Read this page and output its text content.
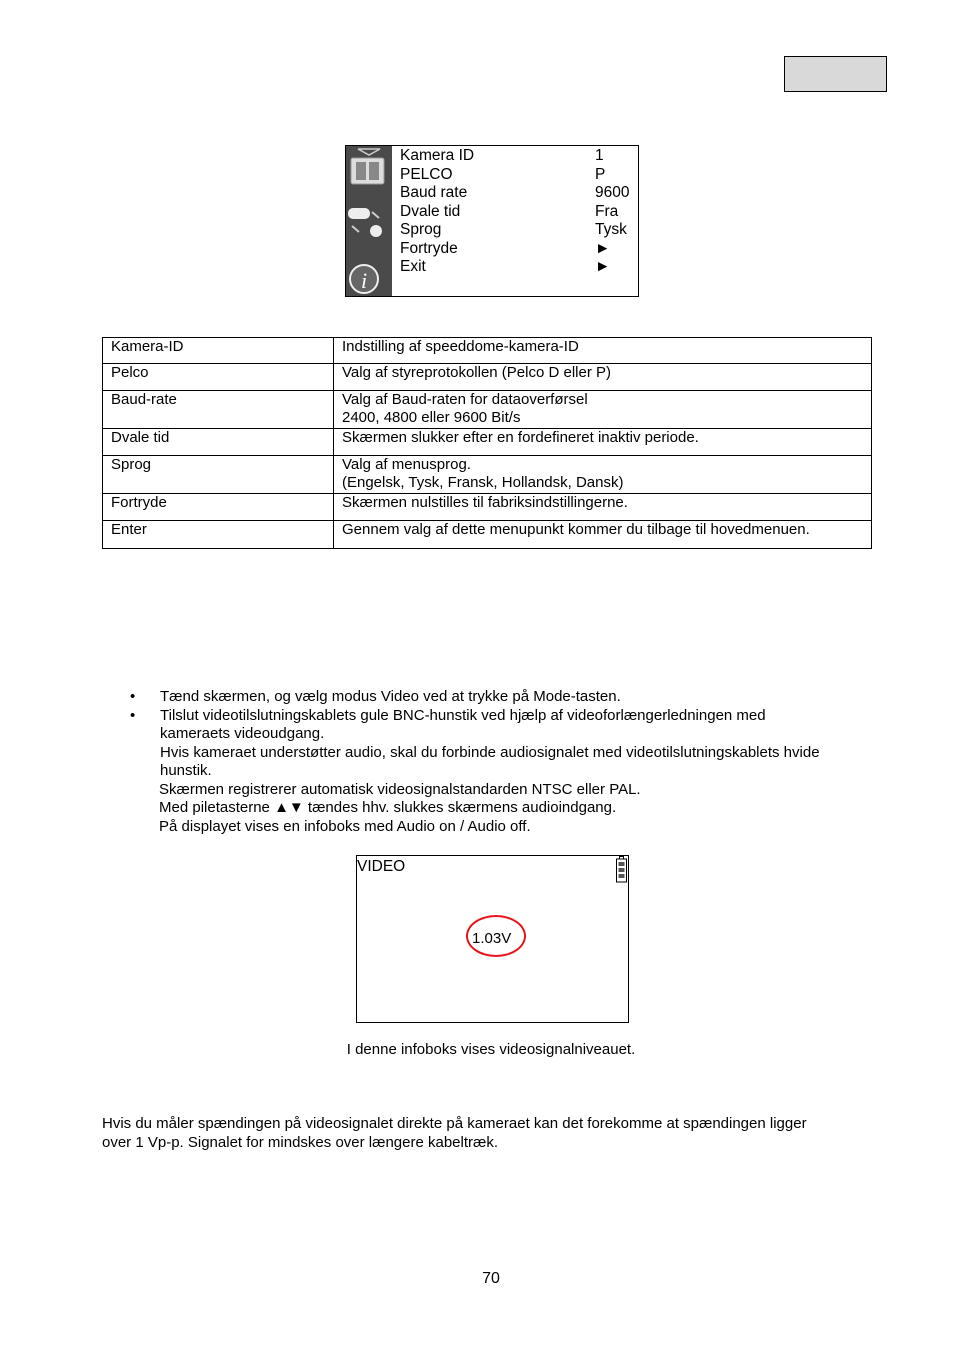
i
Kamera ID	1
PELCO	P
Baud rate	9600
Dvale tid	Fra
Sprog	Tysk
Fortryde	►
Exit	►
Kamera-ID	Indstilling af speeddome-kamera-ID

Pelco	Valg af styreprotokollen (Pelco D eller P)

Baud-rate	Valg af Baud-raten for dataoverførsel
2400, 4800 eller 9600 Bit/s

Dvale tid	Skærmen slukker efter en fordefineret inaktiv periode.

Sprog	Valg af menusprog.
(Engelsk, Tysk, Fransk, Hollandsk, Dansk)

Fortryde	Skærmen nulstilles til fabriksindstillingerne.

Enter	Gennem valg af dette menupunkt kommer du tilbage til hovedmenuen.
• Tænd skærmen, og vælg modus Video ved at trykke på Mode-tasten.
• Tilslut videotilslutningskablets gule BNC-hunstik ved hjælp af videoforlængerledningen med
kameraets videoudgang.
Hvis kameraet understøtter audio, skal du forbinde audiosignalet med videotilslutningskablets hvide
hunstik.
Skærmen registrerer automatisk videosignalstandarden NTSC eller PAL.
Med piletasterne ▲▼ tændes hhv. slukkes skærmens audioindgang.
På displayet vises en infoboks med Audio on / Audio off.
VIDEO
1.03V
I denne infoboks vises videosignalniveauet.
Hvis du måler spændingen på videosignalet direkte på kameraet kan det forekomme at spændingen ligger
over 1 Vp-p. Signalet for mindskes over længere kabeltræk.
70
